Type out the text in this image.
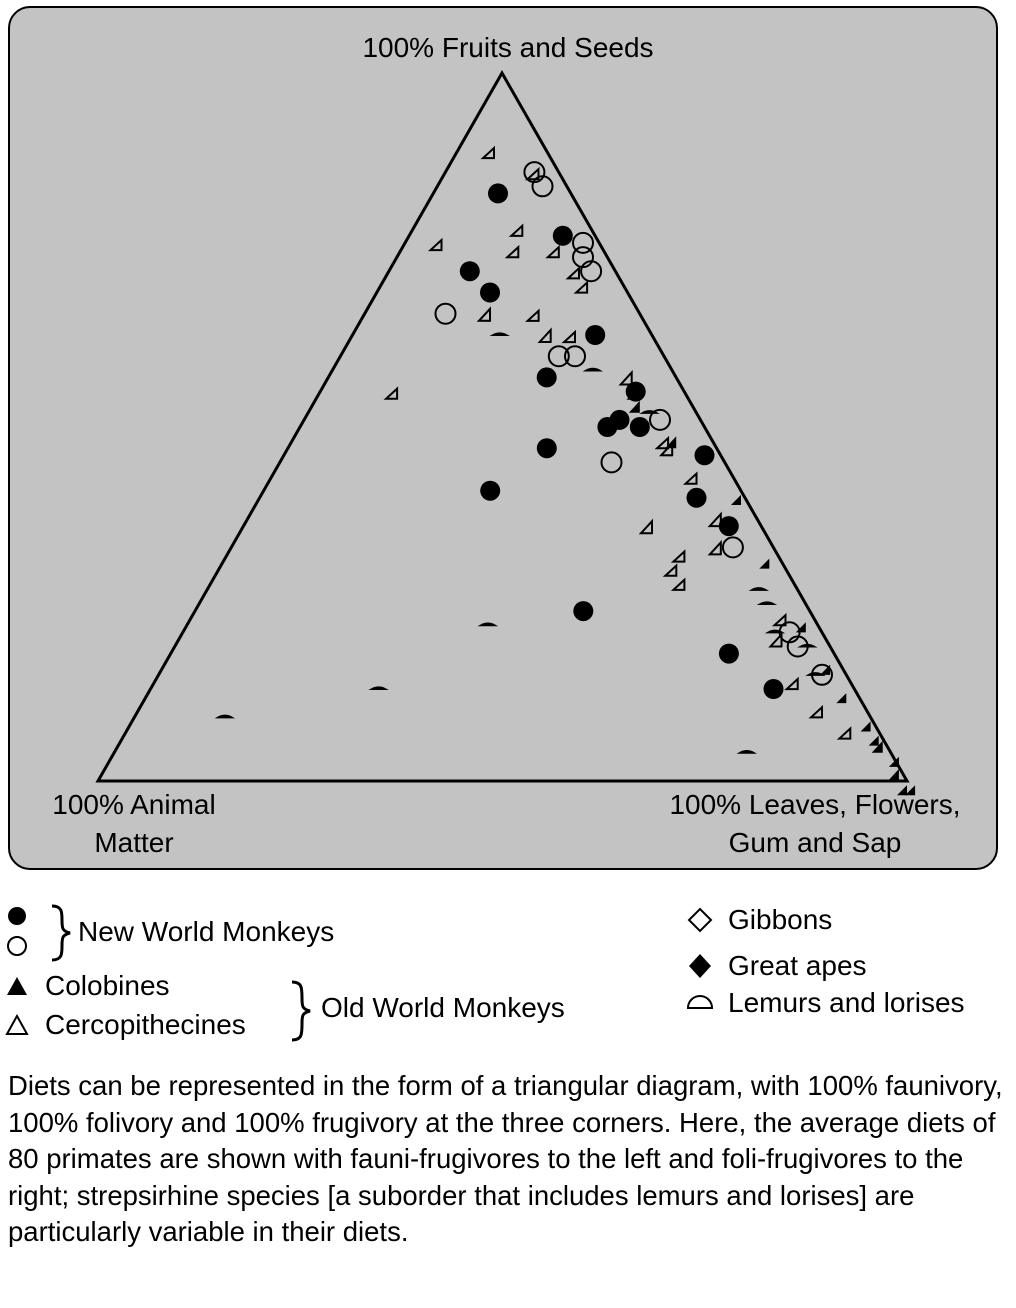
100% Fruits and Seeds
100% Animal
Matter
100% Leaves, Flowers,
Gum and Sap
New World Monkeys
Colobines
Cercopithecines
Old World Monkeys
Gibbons
Great apes
Lemurs and lorises
Diets can be represented in the form of a triangular diagram, with 100% faunivory, 100% folivory and 100% frugivory at the three corners. Here, the average diets of 80 primates are shown with fauni-frugivores to the left and foli-frugivores to the right; strepsirhine species [a suborder that includes lemurs and lorises] are particularly variable in their diets.
